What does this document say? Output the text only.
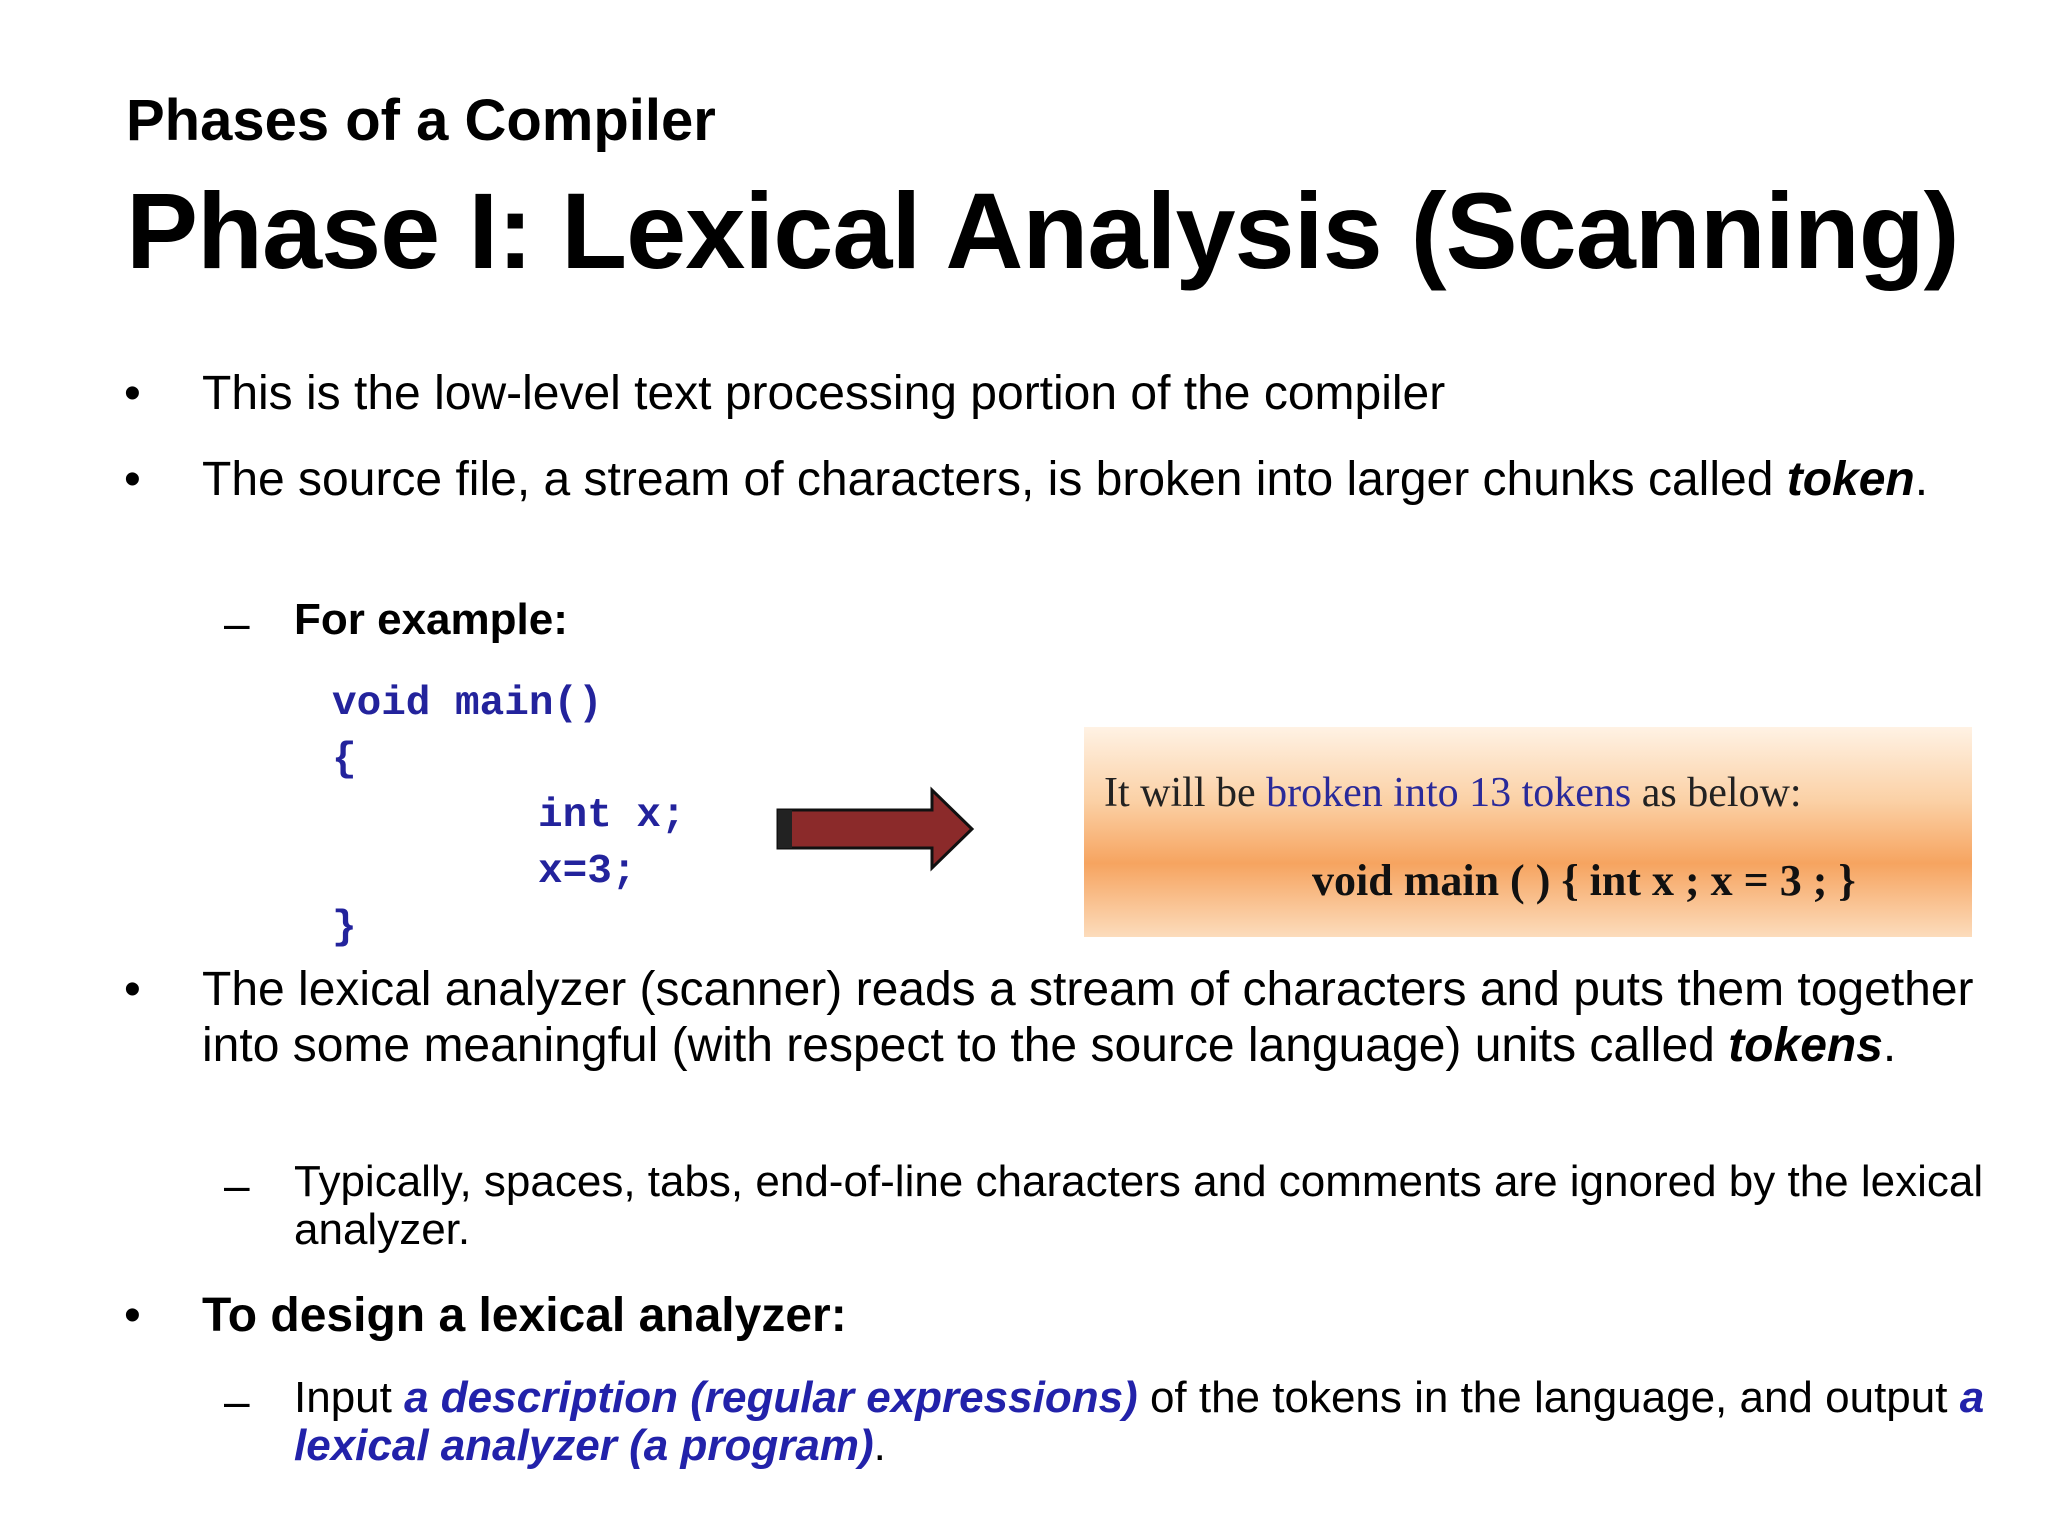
Phases of a Compiler
Phase I: Lexical Analysis (Scanning)
• This is the low-level text processing portion of the compiler
• The source file, a stream of characters, is broken into larger chunks called token.
– For example:
void main()
{
int x;
x=3;
}
It will be broken into 13 tokens as below:
void main ( ) { int x ; x = 3 ; }
• The lexical analyzer (scanner) reads a stream of characters and puts them together into some meaningful (with respect to the source language) units called tokens.
– Typically, spaces, tabs, end-of-line characters and comments are ignored by the lexical analyzer.
• To design a lexical analyzer:
– Input a description (regular expressions) of the tokens in the language, and output a lexical analyzer (a program).
